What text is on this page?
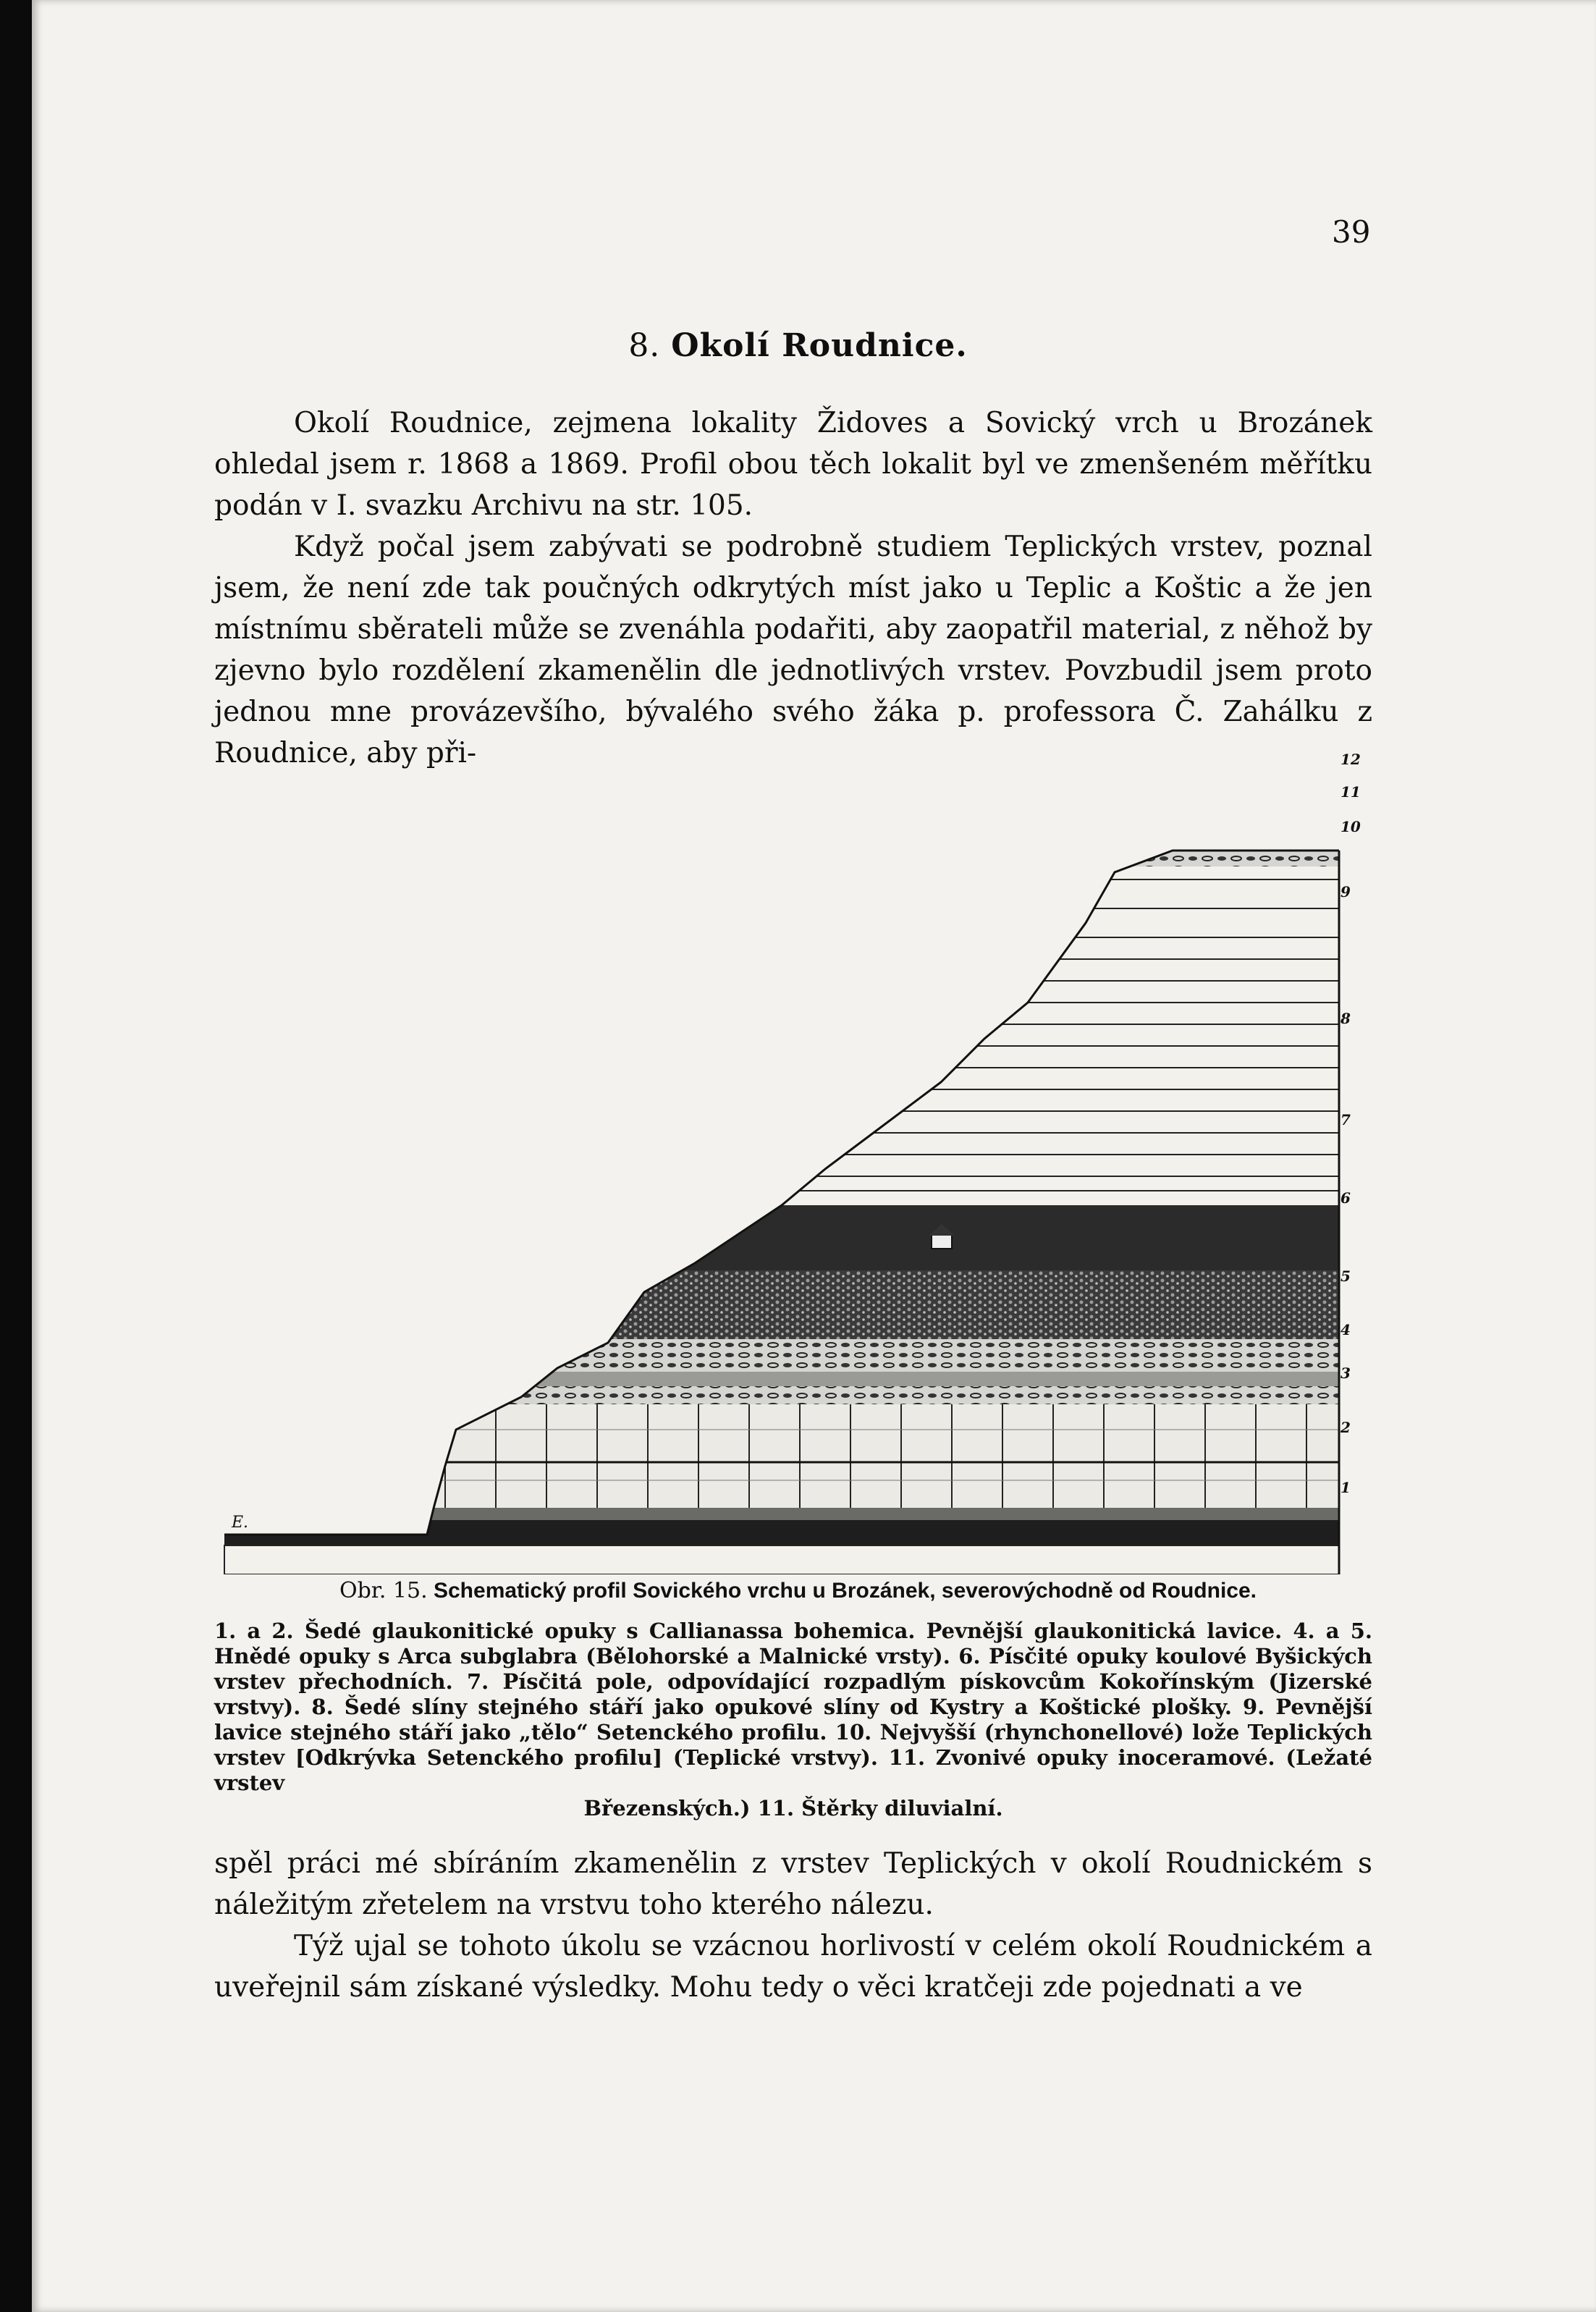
39
8. Okolí Roudnice.

Okolí Roudnice, zejmena lokality Židoves a Sovický vrch u Brozánek ohledal jsem r. 1868 a 1869. Profil obou těch lokalit byl ve zmenšeném měřítku podán v I. svazku Archivu na str. 105.

Když počal jsem zabývati se podrobně studiem Teplických vrstev, poznal jsem, že není zde tak poučných odkrytých míst jako u Teplic a Koštic a že jen místnímu sběrateli může se zvenáhla podařiti, aby zaopatřil material, z něhož by zjevno bylo rozdělení zkamenělin dle jednotlivých vrstev. Povzbudil jsem proto jednou mne provázevšího, bývalého svého žáka p. professora Č. Zahálku z Roudnice, aby při-

E.
12
11
10
9
8
7
6
5
4
3
2
1
Obr. 15. Schematický profil Sovického vrchu u Brozánek, severovýchodně od Roudnice.
1. a 2. Šedé glaukonitické opuky s Callianassa bohemica. Pevnější glaukonitická lavice. 4. a 5. Hnědé opuky s Arca subglabra (Bělohorské a Malnické vrsty). 6. Písčité opuky koulové Byšických vrstev přechodních. 7. Písčitá pole, odpovídající rozpadlým pískovcům Kokořínským (Jizerské vrstvy). 8. Šedé slíny stejného stáří jako opukové slíny od Kystry a Koštické plošky. 9. Pevnější lavice stejného stáří jako „tělo“ Setenckého profilu. 10. Nejvyšší (rhynchonellové) lože Teplických vrstev [Odkrývka Setenckého profilu] (Teplické vrstvy). 11. Zvonivé opuky inoceramové. (Ležaté vrstev
Březenských.) 11. Štěrky diluvialní.

spěl práci mé sbíráním zkamenělin z vrstev Teplických v okolí Roudnickém s náležitým zřetelem na vrstvu toho kterého nálezu.

Týž ujal se tohoto úkolu se vzácnou horlivostí v celém okolí Roudnickém a uveřejnil sám získané výsledky. Mohu tedy o věci kratčeji zde pojednati a ve
